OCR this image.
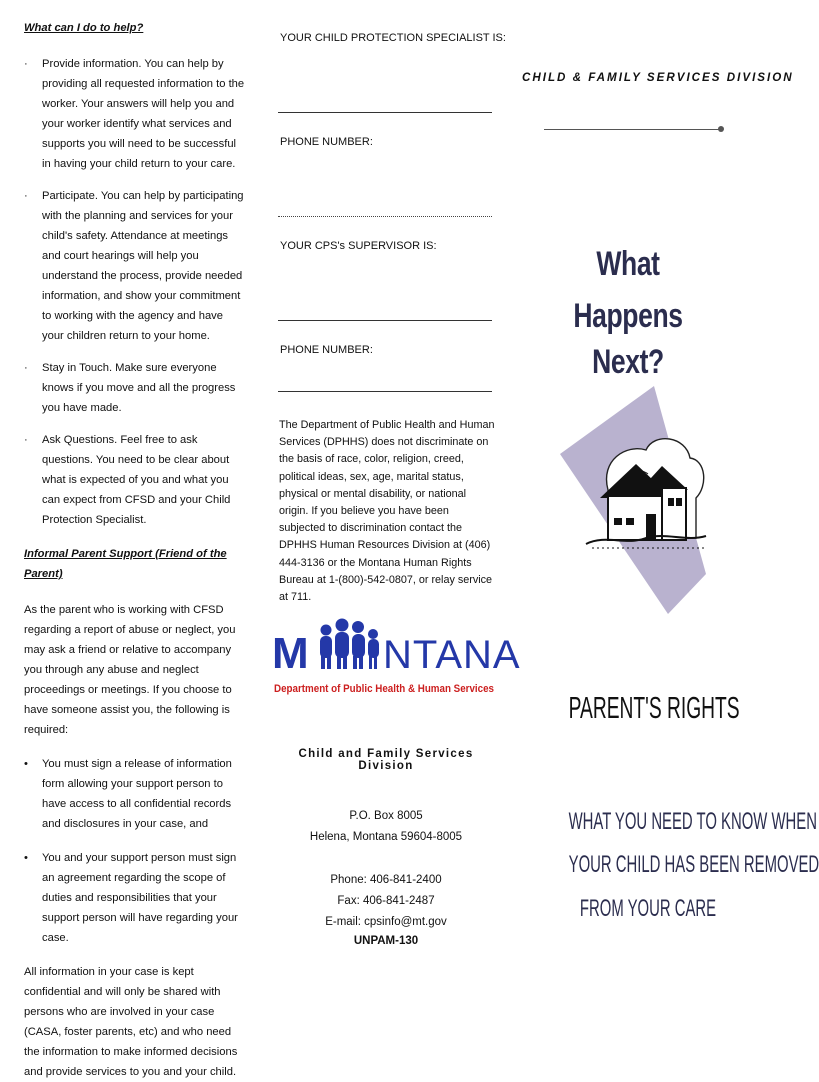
What can I do to help?

· Provide information. You can help by providing all requested information to the worker. Your answers will help you and your worker identify what services and supports you will need to be successful in having your child return to your care.
· Participate. You can help by participating with the planning and services for your child's safety. Attendance at meetings and court hearings will help you understand the process, provide needed information, and show your commitment to working with the agency and have your children return to your home.
· Stay in Touch. Make sure everyone knows if you move and all the progress you have made.
· Ask Questions. Feel free to ask questions. You need to be clear about what is expected of you and what you can expect from CFSD and your Child Protection Specialist.

Informal Parent Support (Friend of the Parent)

As the parent who is working with CFSD regarding a report of abuse or neglect, you may ask a friend or relative to accompany you through any abuse and neglect proceedings or meetings. If you choose to have someone assist you, the following is required:

• You must sign a release of information form allowing your support person to have access to all confidential records and disclosures in your case, and
• You and your support person must sign an agreement regarding the scope of duties and responsibilities that your support person will have regarding your case.

All information in your case is kept confidential and will only be shared with persons who are involved in your case (CASA, foster parents, etc) and who need the information to make informed decisions and provide services to you and your child.

YOUR CHILD PROTECTION SPECIALIST IS:
PHONE NUMBER:
YOUR CPS's SUPERVISOR IS:
PHONE NUMBER:
The Department of Public Health and Human Services (DPHHS) does not discriminate on the basis of race, color, religion, creed, political ideas, sex, age, marital status, physical or mental disability, or national origin. If you believe you have been subjected to discrimination contact the DPHHS Human Resources Division at (406) 444-3136 or the Montana Human Rights Bureau at 1-(800)-542-0807, or relay service at 711.
M NTANA
Department of Public Health & Human Services
Child and Family Services Division
P.O. Box 8005
Helena, Montana 59604-8005
Phone: 406-841-2400
Fax: 406-841-2487
E-mail: cpsinfo@mt.gov
UNPAM-130
CHILD & FAMILY SERVICES DIVISION
What Happens
Next?
PARENT'S RIGHTS
WHAT YOU NEED TO KNOW WHEN
YOUR CHILD HAS BEEN REMOVED
FROM YOUR CARE
